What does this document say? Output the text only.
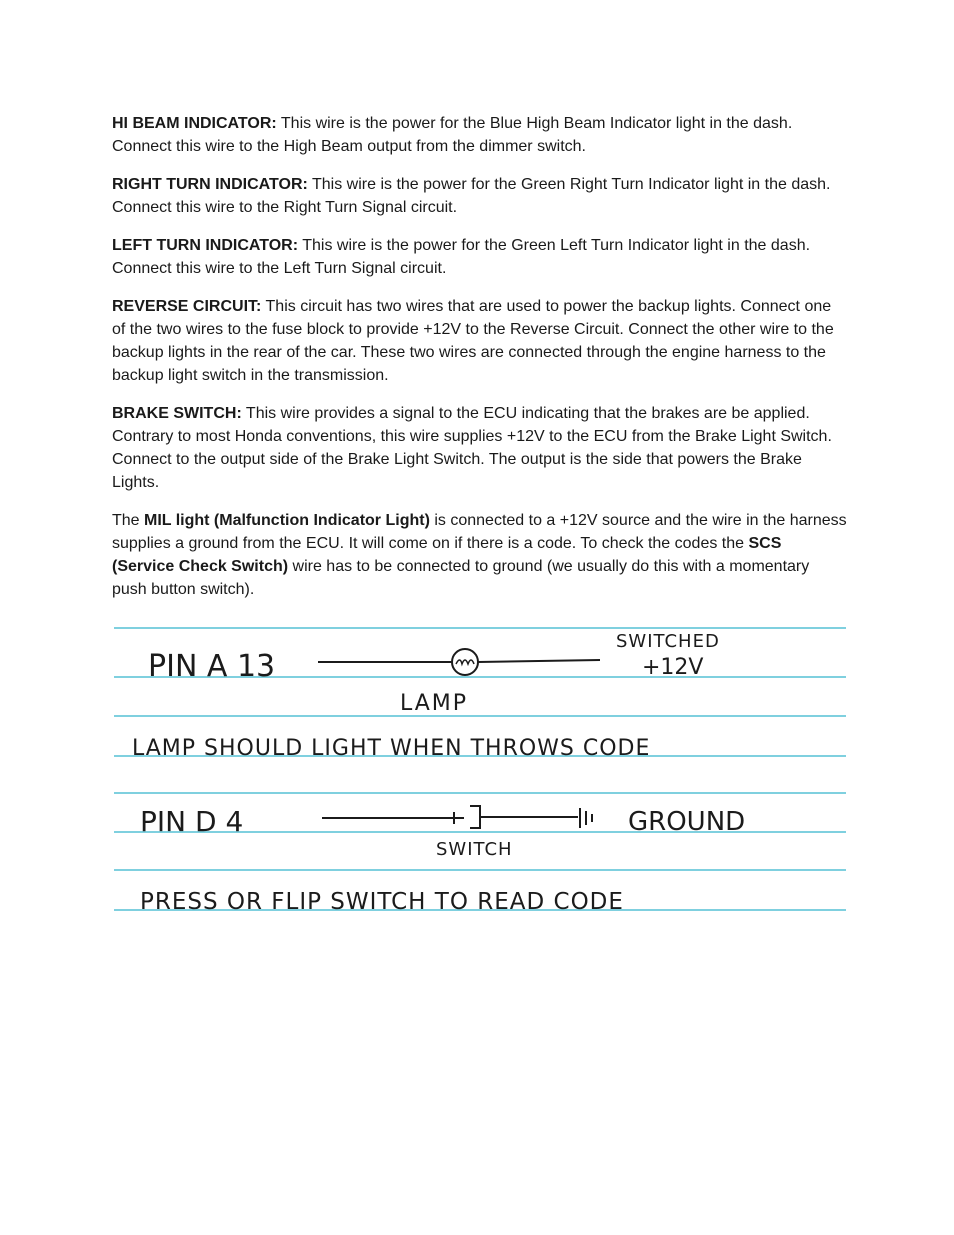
HI BEAM INDICATOR: This wire is the power for the Blue High Beam Indicator light in the dash. Connect this wire to the High Beam output from the dimmer switch.

RIGHT TURN INDICATOR: This wire is the power for the Green Right Turn Indicator light in the dash. Connect this wire to the Right Turn Signal circuit.

LEFT TURN INDICATOR: This wire is the power for the Green Left Turn Indicator light in the dash. Connect this wire to the Left Turn Signal circuit.

REVERSE CIRCUIT: This circuit has two wires that are used to power the backup lights. Connect one of the two wires to the fuse block to provide +12V to the Reverse Circuit. Connect the other wire to the backup lights in the rear of the car. These two wires are connected through the engine harness to the backup light switch in the transmission.

BRAKE SWITCH: This wire provides a signal to the ECU indicating that the brakes are be applied. Contrary to most Honda conventions, this wire supplies +12V to the ECU from the Brake Light Switch. Connect to the output side of the Brake Light Switch. The output is the side that powers the Brake Lights.

The MIL light (Malfunction Indicator Light) is connected to a +12V source and the wire in the harness supplies a ground from the ECU. It will come on if there is a code. To check the codes the SCS (Service Check Switch) wire has to be connected to ground (we usually do this with a momentary push button switch).

PIN A 13
SWITCHED
+12V
LAMP
LAMP SHOULD LIGHT WHEN THROWS CODE
PIN D 4	GROUND
SWITCH
PRESS OR FLIP SWITCH TO READ CODE
